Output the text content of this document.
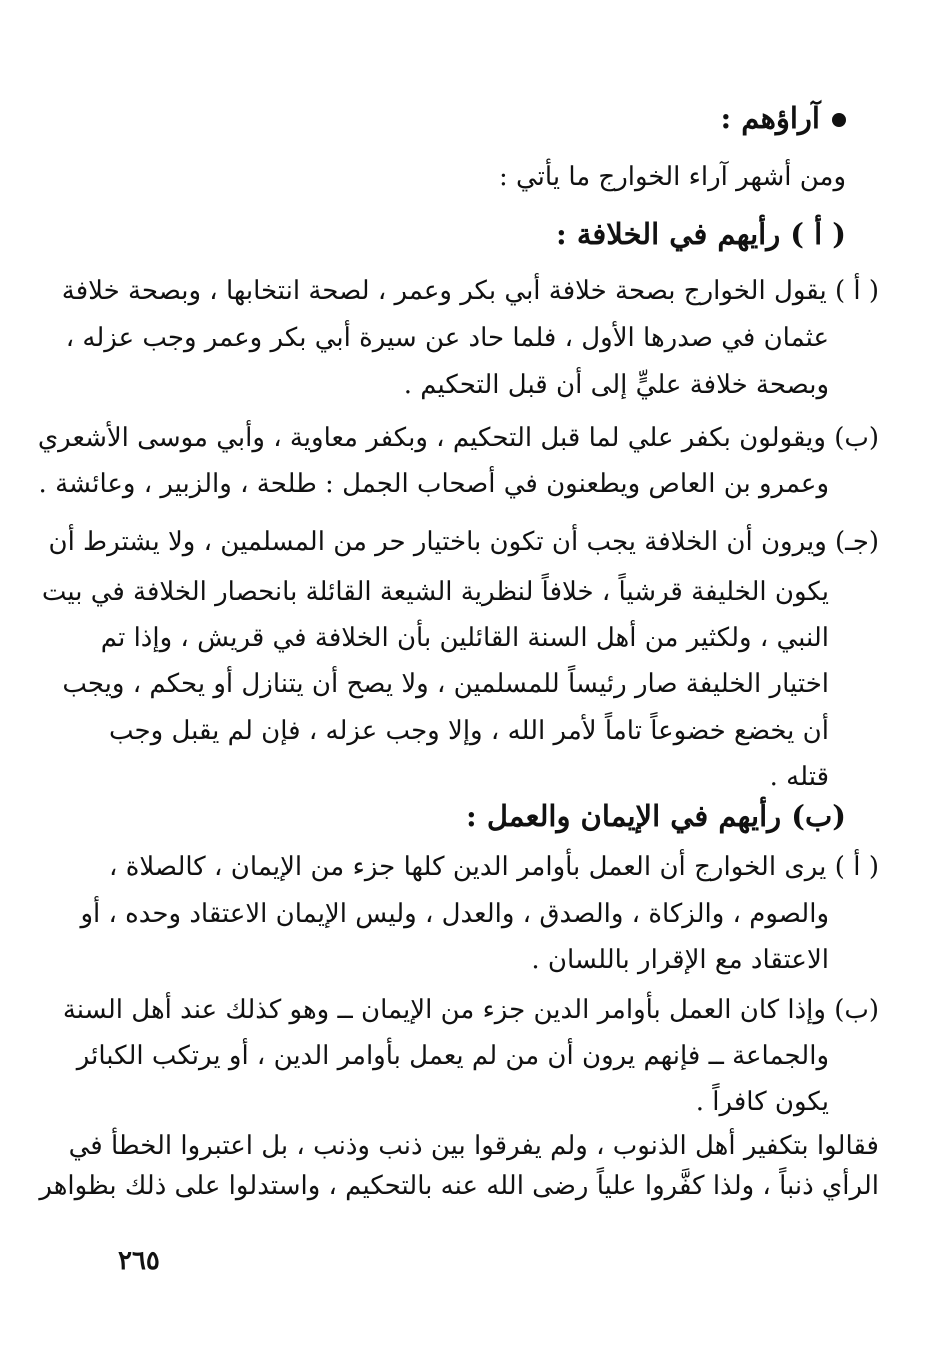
آراؤهم :
ومن أشهر آراء الخوارج ما يأتي :
( أ ) رأيهم في الخلافة :
( أ ) يقول الخوارج بصحة خلافة أبي بكر وعمر ، لصحة انتخابها ، وبصحة خلافة
عثمان في صدرها الأول ، فلما حاد عن سيرة أبي بكر وعمر وجب عزله ،
وبصحة خلافة عليٍّ إلى أن قبل التحكيم .
(ب) ويقولون بكفر علي لما قبل التحكيم ، وبكفر معاوية ، وأبي موسى الأشعري
وعمرو بن العاص ويطعنون في أصحاب الجمل : طلحة ، والزبير ، وعائشة .
(جـ) ويرون أن الخلافة يجب أن تكون باختيار حر من المسلمين ، ولا يشترط أن
يكون الخليفة قرشياً ، خلافاً لنظرية الشيعة القائلة بانحصار الخلافة في بيت
النبي ، ولكثير من أهل السنة القائلين بأن الخلافة في قريش ، وإذا تم
اختيار الخليفة صار رئيساً للمسلمين ، ولا يصح أن يتنازل أو يحكم ، ويجب
أن يخضع خضوعاً تاماً لأمر الله ، وإلا وجب عزله ، فإن لم يقبل وجب
قتله .
(ب) رأيهم في الإيمان والعمل :
( أ ) يرى الخوارج أن العمل بأوامر الدين كلها جزء من الإيمان ، كالصلاة ،
والصوم ، والزكاة ، والصدق ، والعدل ، وليس الإيمان الاعتقاد وحده ، أو
الاعتقاد مع الإقرار باللسان .
(ب) وإذا كان العمل بأوامر الدين جزء من الإيمان ــ وهو كذلك عند أهل السنة
والجماعة ــ فإنهم يرون أن من لم يعمل بأوامر الدين ، أو يرتكب الكبائر
يكون كافراً .
فقالوا بتكفير أهل الذنوب ، ولم يفرقوا بين ذنب وذنب ، بل اعتبروا الخطأ في
الرأي ذنباً ، ولذا كفَّروا علياً رضى الله عنه بالتحكيم ، واستدلوا على ذلك بظواهر
٢٦٥
